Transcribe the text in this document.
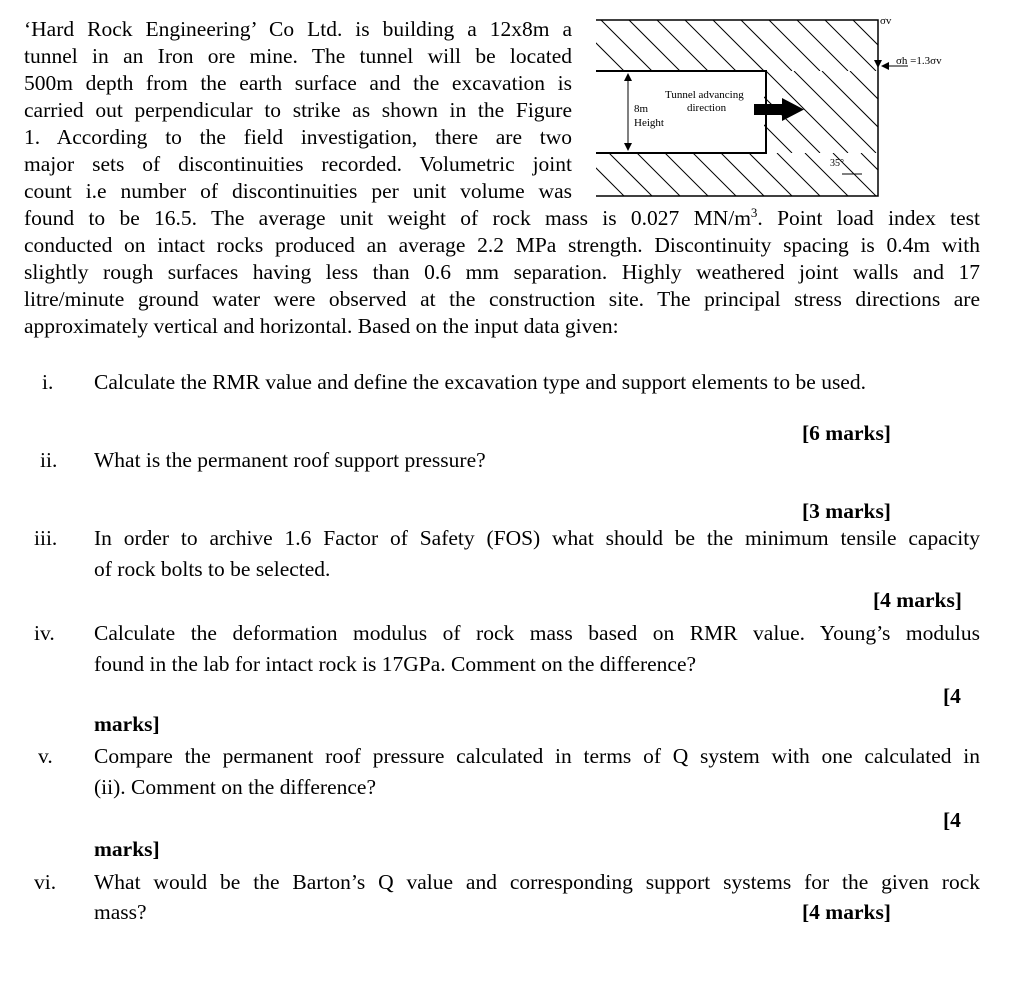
‘Hard Rock Engineering’ Co Ltd. is building a 12x8m a
tunnel in an Iron ore mine. The tunnel will be located
500m depth from the earth surface and the excavation is
carried out perpendicular to strike as shown in the Figure
1. According to the field investigation, there are two
major sets of discontinuities recorded. Volumetric joint
count i.e number of discontinuities per unit volume was
found to be 16.5. The average unit weight of rock mass is 0.027 $MN/m^3$. Point load index test
conducted on intact rocks produced an average 2.2 MPa strength. Discontinuity spacing is 0.4m with
slightly rough surfaces having less than 0.6 mm separation. Highly weathered joint walls and 17
litre/minute ground water were observed at the construction site. The principal stress directions are
approximately vertical and horizontal. Based on the input data given:
8m
Height
Tunnel advancing
direction
35°
σv
σh =1.3σv
i. Calculate the RMR value and define the excavation type and support elements to be used.
[6 marks]
ii. What is the permanent roof support pressure?
[3 marks]
iii. In order to archive 1.6 Factor of Safety (FOS) what should be the minimum tensile capacity
of rock bolts to be selected.
[4 marks]
iv. Calculate the deformation modulus of rock mass based on RMR value. Young’s modulus
found in the lab for intact rock is 17GPa. Comment on the difference?
[4
marks]
v. Compare the permanent roof pressure calculated in terms of Q system with one calculated in
(ii). Comment on the difference?
[4
marks]
vi. What would be the Barton’s Q value and corresponding support systems for the given rock
mass?	[4 marks]
